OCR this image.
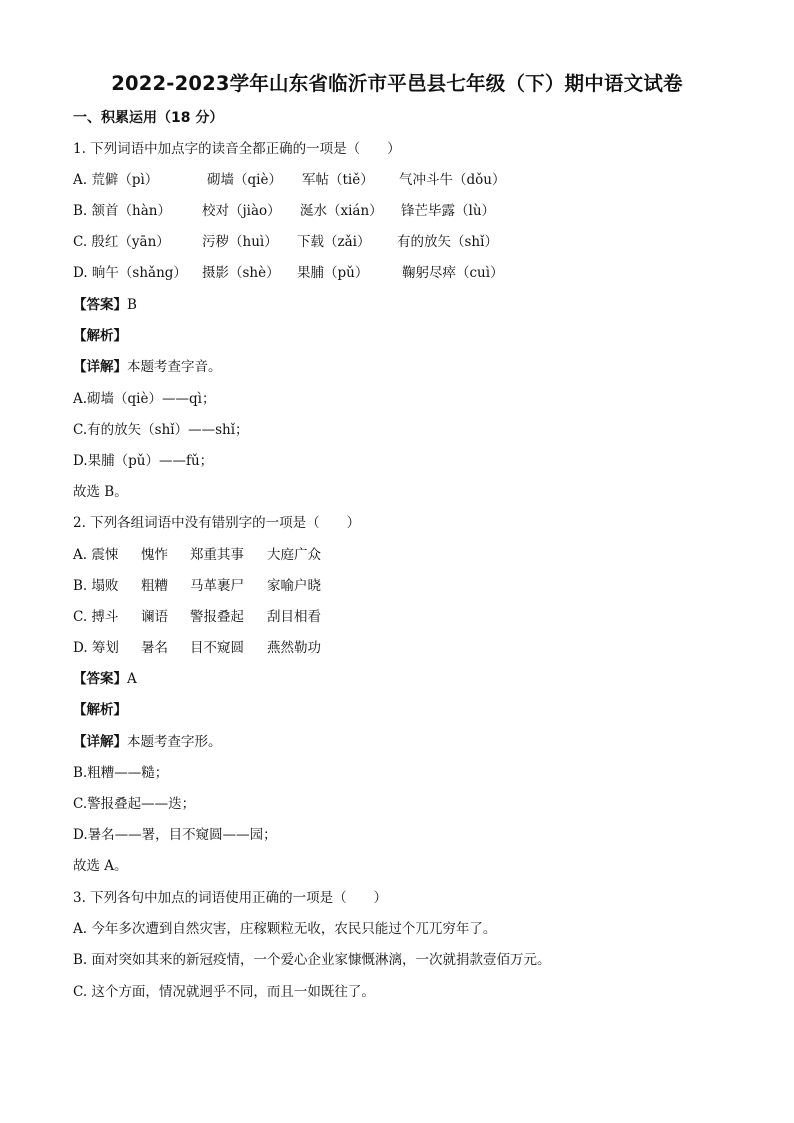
2022-2023学年山东省临沂市平邑县七年级（下）期中语文试卷
一、积累运用（18 分）
1. 下列词语中加点字的读音全都正确的一项是（　　）
A. 荒僻（pì）	砌墙（qiè） 军帖（tiě） 气冲斗牛（dǒu）
B. 颔首（hàn） 校对（jiào） 涎水（xián） 锋芒毕露（lù）
C. 殷红（yān） 污秽（huì） 下载（zǎi） 有的放矢（shǐ）
D. 晌午（shǎng） 摄影（shè） 果脯（pǔ） 鞠躬尽瘁（cuì）
【答案】B
【解析】
【详解】本题考查字音。
A.砌墙（qiè）——qì；
C.有的放矢（shǐ）——shǐ；
D.果脯（pǔ）——fǔ；
故选 B。
2. 下列各组词语中没有错别字的一项是（　　）
A. 震悚 愧怍 郑重其事 大庭广众
B. 塌败 粗糟 马革裹尸 家喻户晓
C. 搏斗 谰语 警报叠起 刮目相看
D. 筹划 暑名 目不窥圆 燕然勒功
【答案】A
【解析】
【详解】本题考查字形。
B.粗糟——糙；
C.警报叠起——迭；
D.暑名——署，目不窥圆——园；
故选 A。
3. 下列各句中加点的词语使用正确的一项是（　　）
A. 今年多次遭到自然灾害，庄稼颗粒无收，农民只能过个兀兀穷年了。
B. 面对突如其来的新冠疫情，一个爱心企业家慷慨淋漓，一次就捐款壹佰万元。
C. 这个方面，情况就迥乎不同，而且一如既往了。
